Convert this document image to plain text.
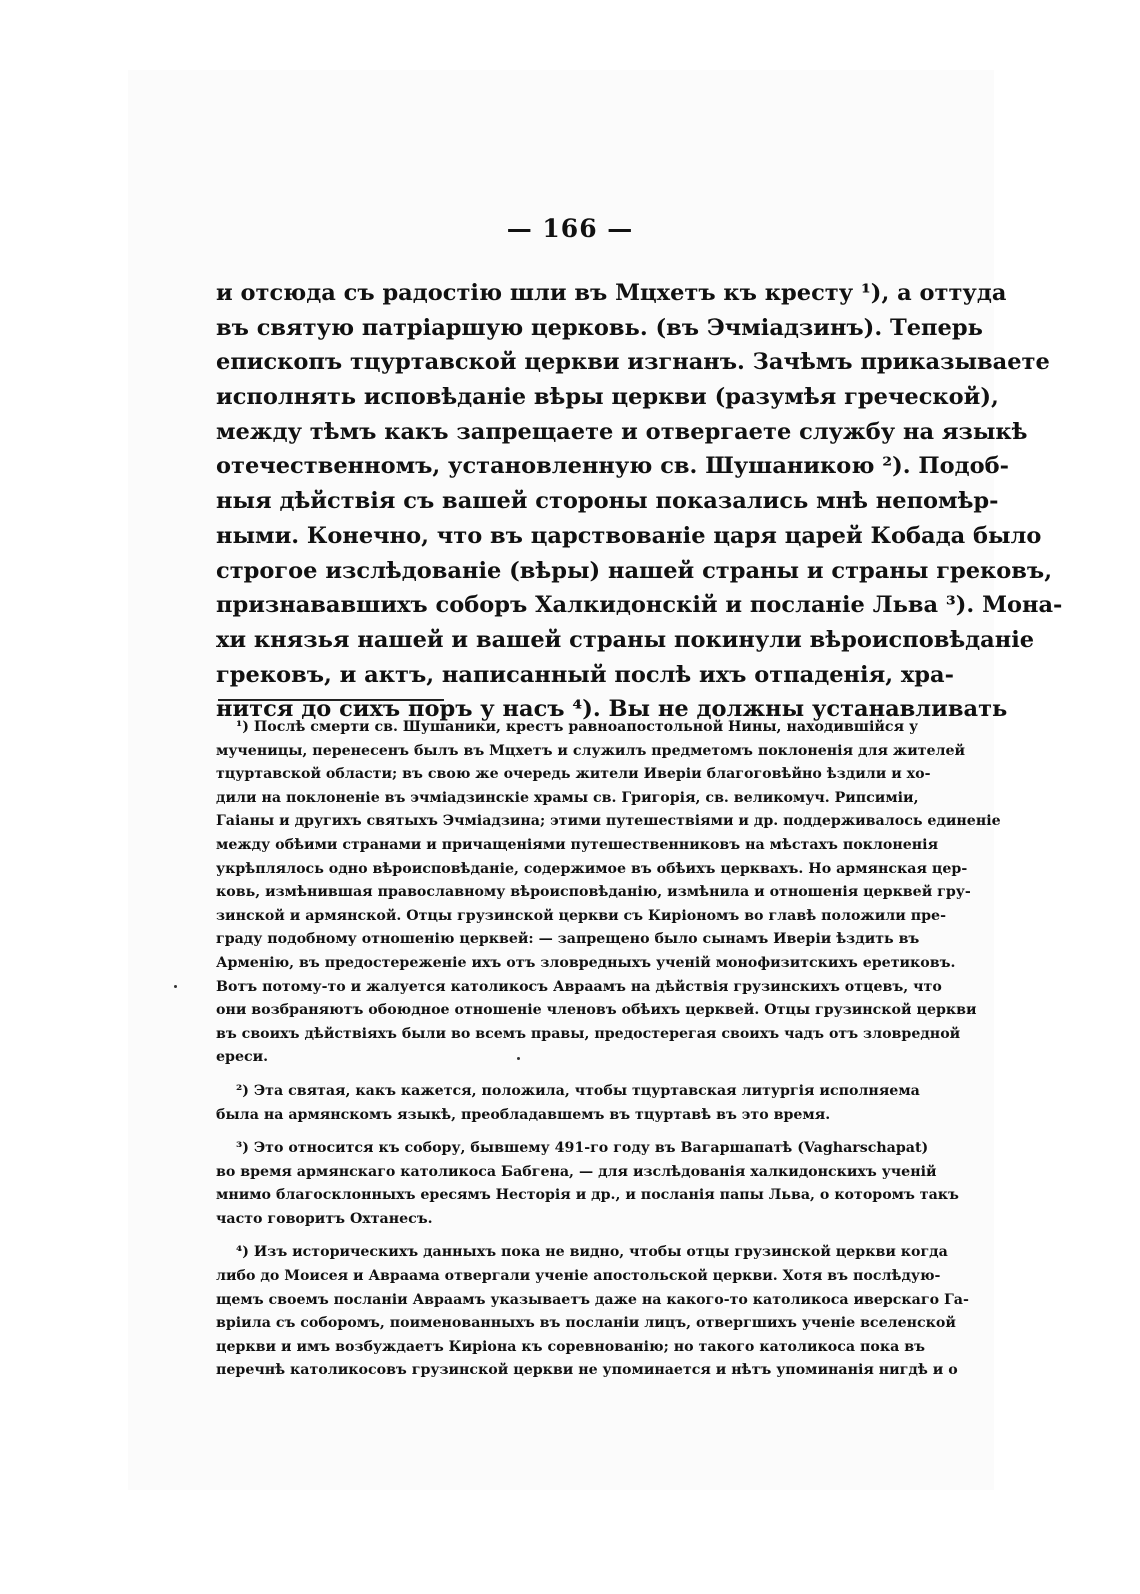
— 166 —
и отсюда съ радостію шли въ Мцхетъ къ кресту ¹), а оттуда
въ святую патріаршую церковь. (въ Эчміадзинъ). Теперь
епископъ тцуртавской церкви изгнанъ. Зачѣмъ приказываете
исполнять исповѣданіе вѣры церкви (разумѣя греческой),
между тѣмъ какъ запрещаете и отвергаете службу на языкѣ
отечественномъ, установленную св. Шушаникою ²). Подоб-
ныя дѣйствія съ вашей стороны показались мнѣ непомѣр-
ными. Конечно, что въ царствованіе царя царей Кобада было
строгое изслѣдованіе (вѣры) нашей страны и страны грековъ,
признававшихъ соборъ Халкидонскій и посланіе Льва ³). Мона-
хи князья нашей и вашей страны покинули вѣроисповѣданіе
грековъ, и актъ, написанный послѣ ихъ отпаденія, хра-
нится до сихъ поръ у насъ ⁴). Вы не должны устанавливать
¹) Послѣ смерти св. Шушаники, крестъ равноапостольной Нины, находившійся у
мученицы, перенесенъ былъ въ Мцхетъ и служилъ предметомъ поклоненія для жителей
тцуртавской области; въ свою же очередь жители Иверіи благоговѣйно ѣздили и хо-
дили на поклоненіе въ эчміадзинскіе храмы св. Григорія, св. великомуч. Рипсиміи,
Гаіаны и другихъ святыхъ Эчміадзина; этими путешествіями и др. поддерживалось единеніе
между обѣими странами и причащеніями путешественниковъ на мѣстахъ поклоненія
укрѣплялось одно вѣроисповѣданіе, содержимое въ обѣихъ церквахъ. Но армянская цер-
ковь, измѣнившая православному вѣроисповѣданію, измѣнила и отношенія церквей гру-
зинской и армянской. Отцы грузинской церкви съ Киріономъ во главѣ положили пре-
граду подобному отношенію церквей: — запрещено было сынамъ Иверіи ѣздить въ
Арменію, въ предостереженіе ихъ отъ зловредныхъ ученій монофизитскихъ еретиковъ.
Вотъ потому-то и жалуется католикосъ Авраамъ на дѣйствія грузинскихъ отцевъ, что
они возбраняютъ обоюдное отношеніе членовъ обѣихъ церквей. Отцы грузинской церкви
въ своихъ дѣйствіяхъ были во всемъ правы, предостерегая своихъ чадъ отъ зловредной
ереси.
²) Эта святая, какъ кажется, положила, чтобы тцуртавская литургія исполняема
была на армянскомъ языкѣ, преобладавшемъ въ тцуртавѣ въ это время.
³) Это относится къ собору, бывшему 491-го году въ Вагаршапатѣ (Vagharschapat)
во время армянскаго католикоса Бабгена, — для изслѣдованія халкидонскихъ ученій
мнимо благосклонныхъ ересямъ Несторія и др., и посланія папы Льва, о которомъ такъ
часто говоритъ Охтанесъ.
⁴) Изъ историческихъ данныхъ пока не видно, чтобы отцы грузинской церкви когда
либо до Моисея и Авраама отвергали ученіе апостольской церкви. Хотя въ послѣдую-
щемъ своемъ посланіи Авраамъ указываетъ даже на какого-то католикоса иверскаго Га-
вріила съ соборомъ, поименованныхъ въ посланіи лицъ, отвергшихъ ученіе вселенской
церкви и имъ возбуждаетъ Киріона къ соревнованію; но такого католикоса пока въ
перечнѣ католикосовъ грузинской церкви не упоминается и нѣтъ упоминанія нигдѣ и о
